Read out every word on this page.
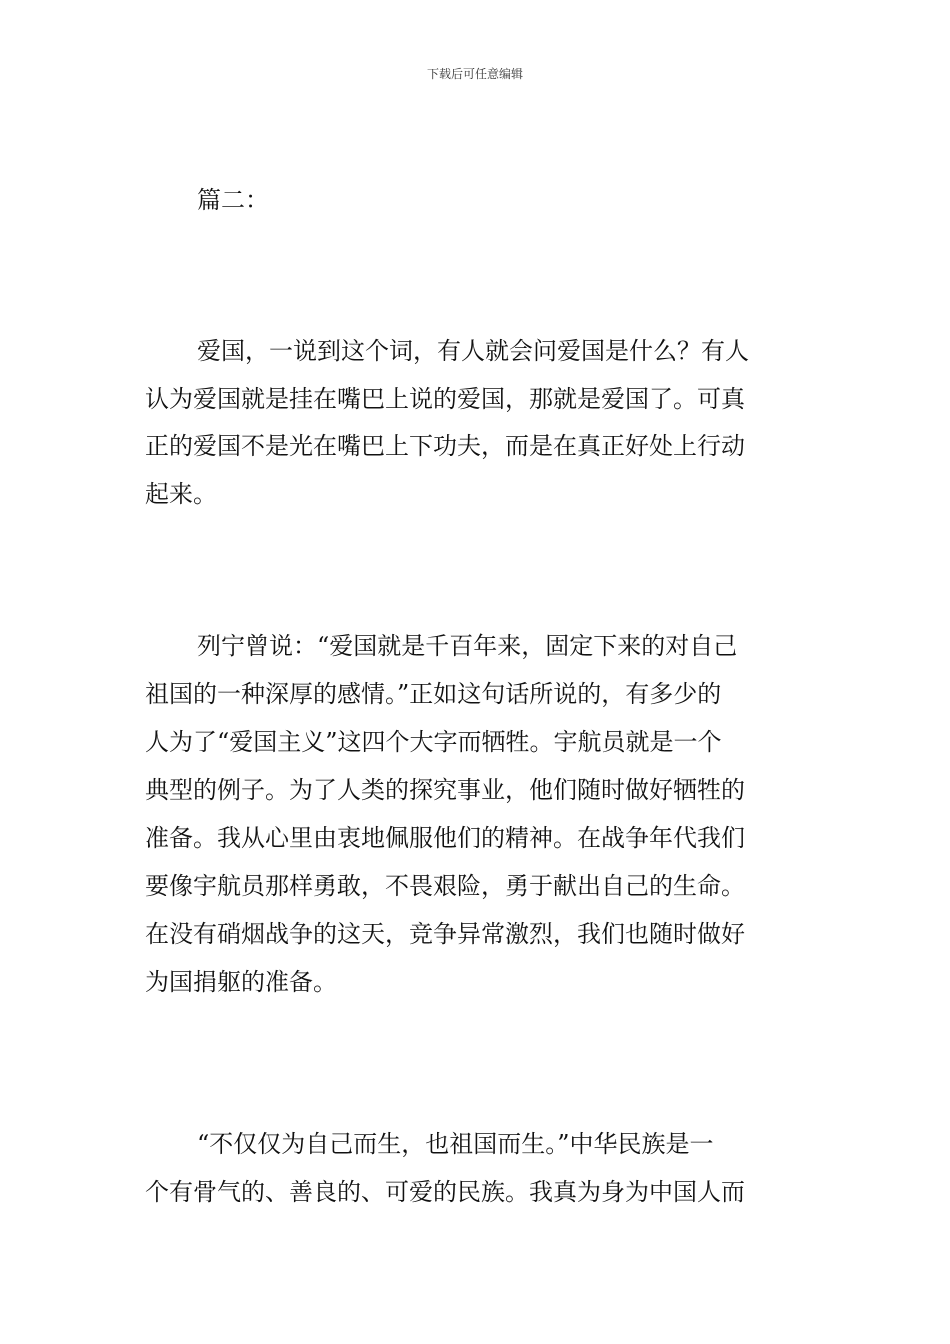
下载后可任意编辑
篇二：
爱国，一说到这个词，有人就会问爱国是什么？有人
认为爱国就是挂在嘴巴上说的爱国，那就是爱国了。可真
正的爱国不是光在嘴巴上下功夫，而是在真正好处上行动
起来。
列宁曾说：“爱国就是千百年来，固定下来的对自己
祖国的一种深厚的感情。”正如这句话所说的，有多少的
人为了“爱国主义”这四个大字而牺牲。宇航员就是一个
典型的例子。为了人类的探究事业，他们随时做好牺牲的
准备。我从心里由衷地佩服他们的精神。在战争年代我们
要像宇航员那样勇敢，不畏艰险，勇于献出自己的生命。
在没有硝烟战争的这天，竞争异常激烈，我们也随时做好
为国捐躯的准备。
“不仅仅为自己而生，也祖国而生。”中华民族是一
个有骨气的、善良的、可爱的民族。我真为身为中国人而
